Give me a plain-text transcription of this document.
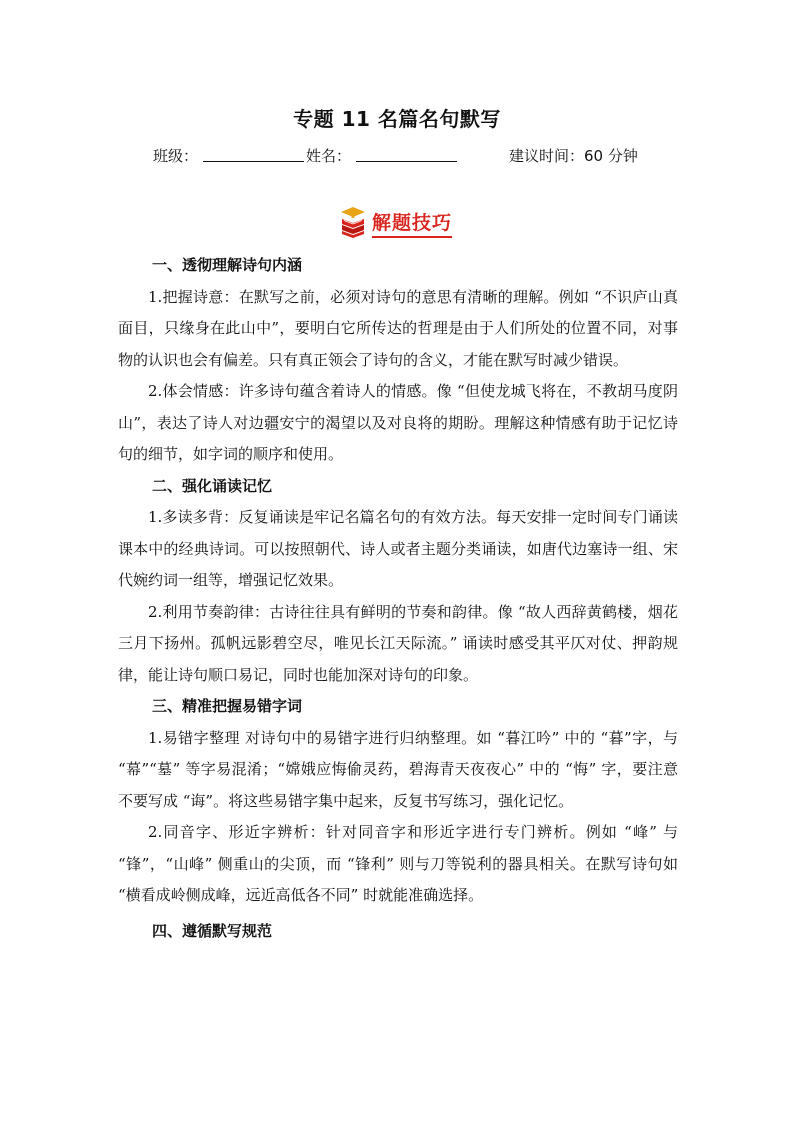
专题 11 名篇名句默写
班级：	姓名：	建议时间：60 分钟
解题技巧
一、透彻理解诗句内涵

1.把握诗意：在默写之前，必须对诗句的意思有清晰的理解。例如 “不识庐山真面目，只缘身在此山中”，要明白它所传达的哲理是由于人们所处的位置不同，对事物的认识也会有偏差。只有真正领会了诗句的含义，才能在默写时减少错误。

2.体会情感：许多诗句蕴含着诗人的情感。像 “但使龙城飞将在，不教胡马度阴山”，表达了诗人对边疆安宁的渴望以及对良将的期盼。理解这种情感有助于记忆诗句的细节，如字词的顺序和使用。

二、强化诵读记忆

1.多读多背：反复诵读是牢记名篇名句的有效方法。每天安排一定时间专门诵读课本中的经典诗词。可以按照朝代、诗人或者主题分类诵读，如唐代边塞诗一组、宋代婉约词一组等，增强记忆效果。

2.利用节奏韵律：古诗往往具有鲜明的节奏和韵律。像 “故人西辞黄鹤楼，烟花三月下扬州。孤帆远影碧空尽，唯见长江天际流。” 诵读时感受其平仄对仗、押韵规律，能让诗句顺口易记，同时也能加深对诗句的印象。

三、精准把握易错字词

1.易错字整理 对诗句中的易错字进行归纳整理。如 “暮江吟” 中的 “暮”字，与 “幕”“墓” 等字易混淆；“嫦娥应悔偷灵药，碧海青天夜夜心” 中的 “悔” 字，要注意不要写成 “诲”。将这些易错字集中起来，反复书写练习，强化记忆。

2.同音字、形近字辨析：针对同音字和形近字进行专门辨析。例如 “峰” 与 “锋”，“山峰” 侧重山的尖顶，而 “锋利” 则与刀等锐利的器具相关。在默写诗句如 “横看成岭侧成峰，远近高低各不同” 时就能准确选择。

四、遵循默写规范
